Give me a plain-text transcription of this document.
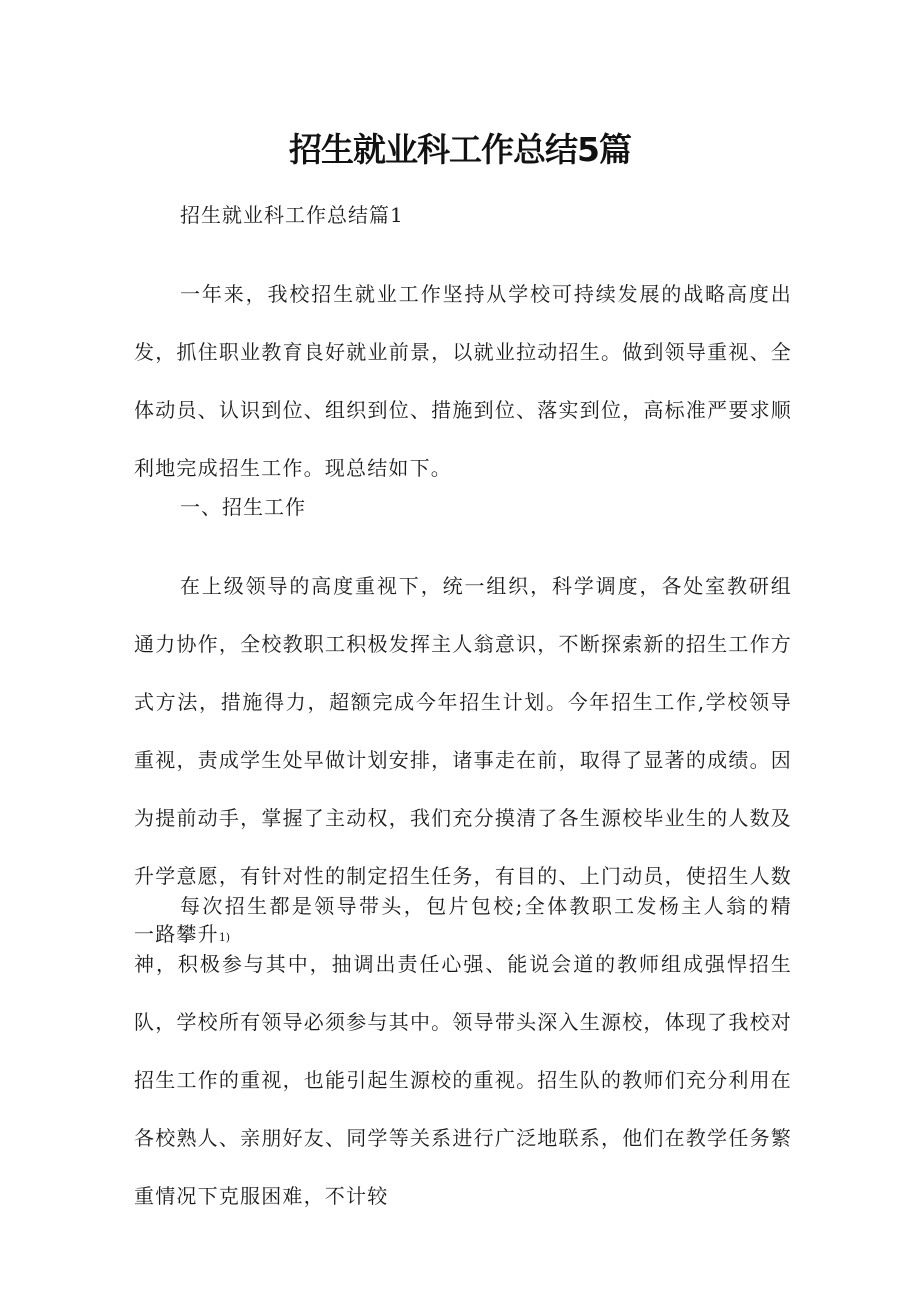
招生就业科工作总结5篇

招生就业科工作总结篇1

一年来，我校招生就业工作坚持从学校可持续发展的战略高度出发，抓住职业教育良好就业前景，以就业拉动招生。做到领导重视、全体动员、认识到位、组织到位、措施到位、落实到位，高标准严要求顺利地完成招生工作。现总结如下。

一、招生工作

在上级领导的高度重视下，统一组织，科学调度，各处室教研组通力协作，全校教职工积极发挥主人翁意识，不断探索新的招生工作方式方法，措施得力，超额完成今年招生计划。今年招生工作,学校领导重视，责成学生处早做计划安排，诸事走在前，取得了显著的成绩。因为提前动手，掌握了主动权，我们充分摸清了各生源校毕业生的人数及升学意愿，有针对性的制定招生任务，有目的、上门动员，使招生人数一路攀升1)

每次招生都是领导带头，包片包校;全体教职工发杨主人翁的精神，积极参与其中，抽调出责任心强、能说会道的教师组成强悍招生队，学校所有领导必须参与其中。领导带头深入生源校，体现了我校对招生工作的重视，也能引起生源校的重视。招生队的教师们充分利用在各校熟人、亲朋好友、同学等关系进行广泛地联系，他们在教学任务繁重情况下克服困难，不计较
